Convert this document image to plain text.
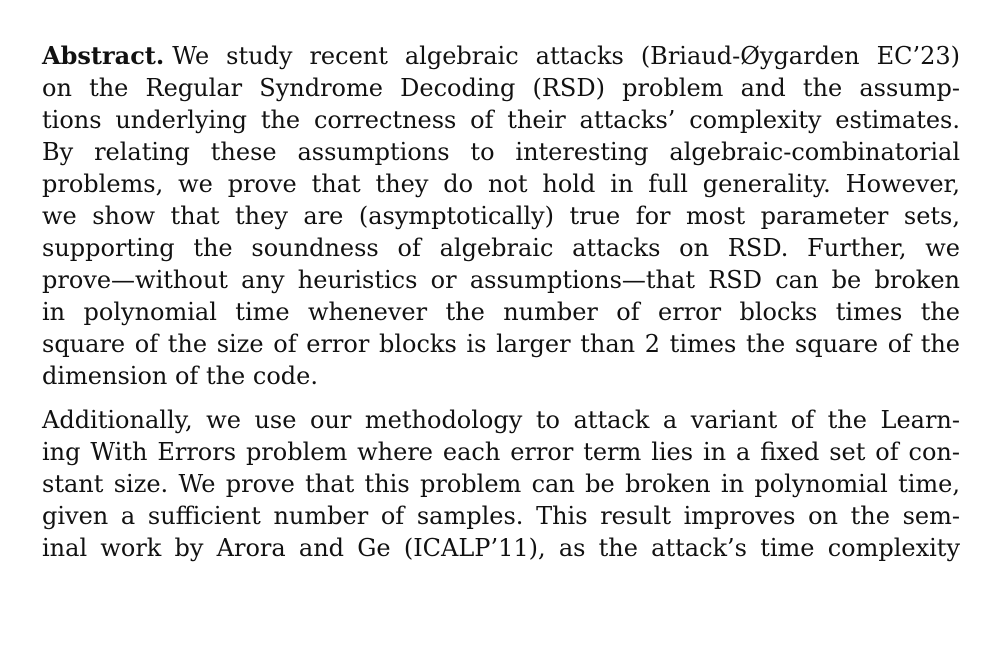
Abstract. We study recent algebraic attacks (Briaud-Øygarden EC’23)
on the Regular Syndrome Decoding (RSD) problem and the assump-
tions underlying the correctness of their attacks’ complexity estimates.
By relating these assumptions to interesting algebraic-combinatorial
problems, we prove that they do not hold in full generality. However,
we show that they are (asymptotically) true for most parameter sets,
supporting the soundness of algebraic attacks on RSD. Further, we
prove—without any heuristics or assumptions—that RSD can be broken
in polynomial time whenever the number of error blocks times the
square of the size of error blocks is larger than 2 times the square of the
dimension of the code.

Additionally, we use our methodology to attack a variant of the Learn-
ing With Errors problem where each error term lies in a fixed set of con-
stant size. We prove that this problem can be broken in polynomial time,
given a sufficient number of samples. This result improves on the sem-
inal work by Arora and Ge (ICALP’11), as the attack’s time complexity
